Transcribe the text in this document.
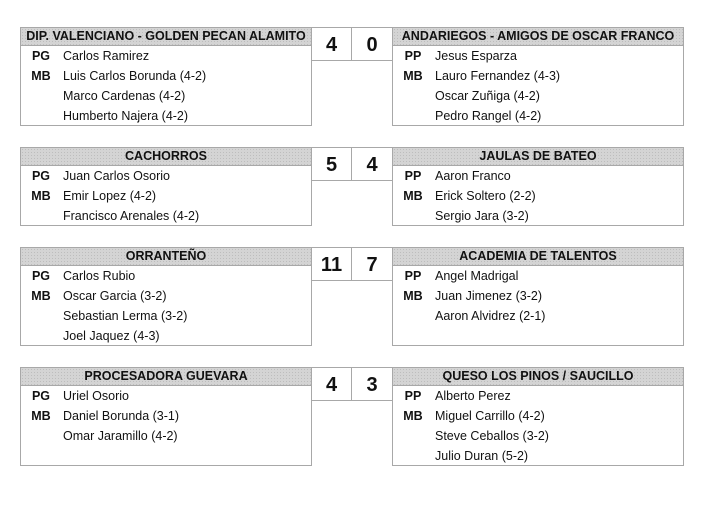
DIP. VALENCIANO - GOLDEN PECAN ALAMITO
PG	Carlos Ramirez
MB Luis Carlos Borunda (4-2)
Marco Cardenas (4-2)
Humberto Najera (4-2)
4	0	ANDARIEGOS - AMIGOS DE OSCAR FRANCO
PP	Jesus Esparza
MB Lauro Fernandez (4-3)
Oscar Zuñiga (4-2)
Pedro Rangel (4-2)
CACHORROS
PG	Juan Carlos Osorio
MB Emir Lopez (4-2)
Francisco Arenales (4-2)
5	4	JAULAS DE BATEO
PP	Aaron Franco
MB Erick Soltero (2-2)
Sergio Jara (3-2)
ORRANTEÑO
PG	Carlos Rubio
MB Oscar Garcia (3-2)
Sebastian Lerma (3-2)
Joel Jaquez (4-3)
11	7	ACADEMIA DE TALENTOS
PP	Angel Madrigal
MB Juan Jimenez (3-2)
Aaron Alvidrez (2-1)
PROCESADORA GUEVARA
PG	Uriel Osorio
MB Daniel Borunda (3-1)
Omar Jaramillo (4-2)
4	3	QUESO LOS PINOS / SAUCILLO
PP	Alberto Perez
MB Miguel Carrillo (4-2)
Steve Ceballos (3-2)
Julio Duran (5-2)
